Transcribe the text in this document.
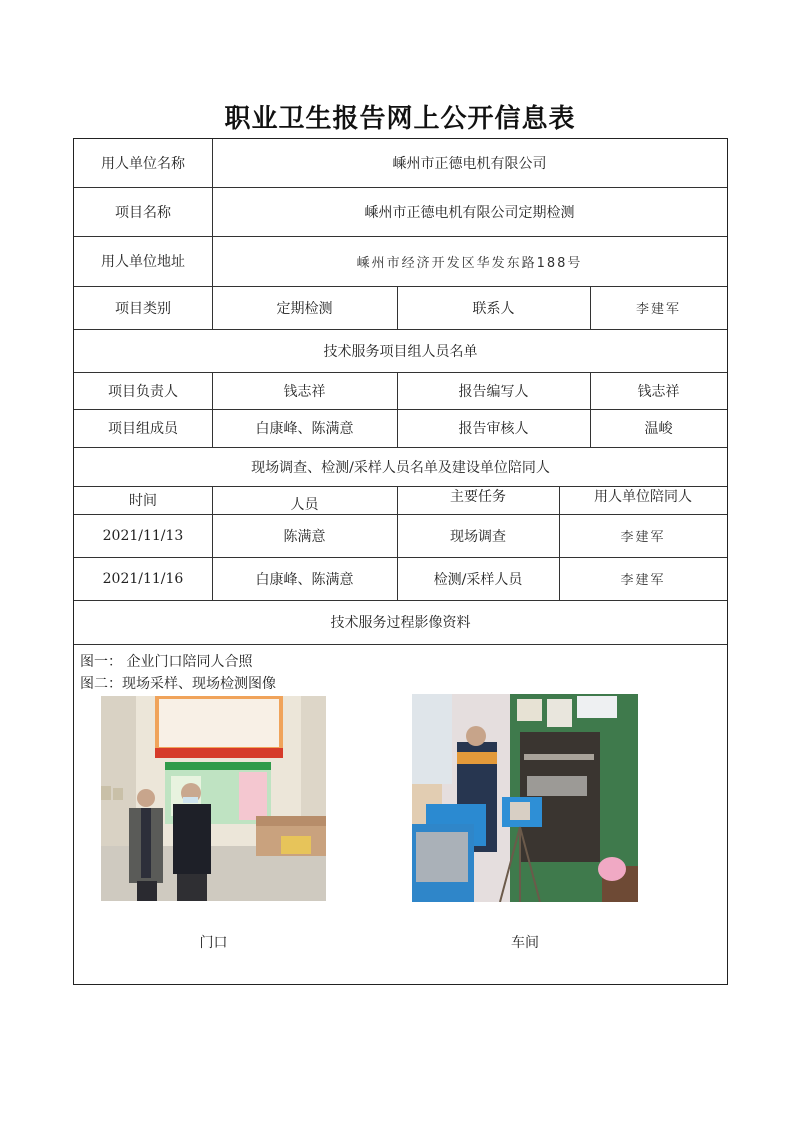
职业卫生报告网上公开信息表
用人单位名称	嵊州市正德电机有限公司
项目名称	嵊州市正德电机有限公司定期检测
用人单位地址	嵊州市经济开发区华发东路188号
项目类别	定期检测	联系人	李建军
技术服务项目组人员名单
项目负责人	钱志祥	报告编写人	钱志祥
项目组成员	白康峰、陈满意	报告审核人	温峻
现场调查、检测/采样人员名单及建设单位陪同人
时间	人员	主要任务	用人单位陪同人
2021/11/13	陈满意	现场调查	李建军
2021/11/16	白康峰、陈满意	检测/采样人员	李建军
技术服务过程影像资料
图一： 企业门口陪同人合照
图二：现场采样、现场检测图像
门口	车间
